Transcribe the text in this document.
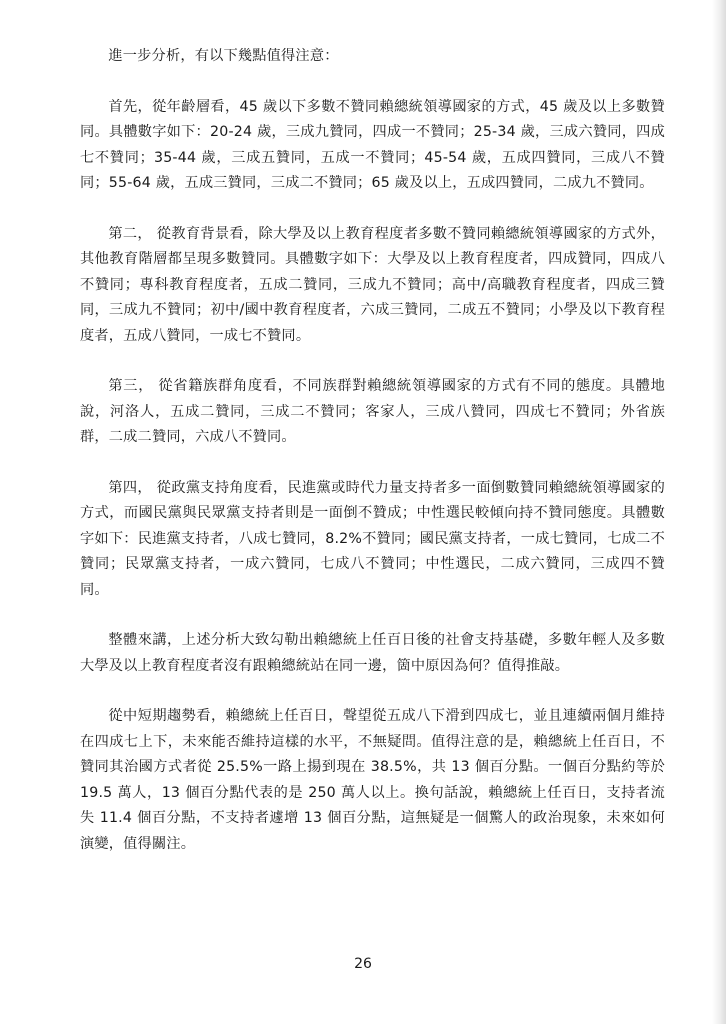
進一步分析，有以下幾點值得注意：

首先，從年齡層看，45 歲以下多數不贊同賴總統領導國家的方式，45 歲及以上多數贊同。具體數字如下：20-24 歲，三成九贊同，四成一不贊同；25-34 歲，三成六贊同，四成七不贊同；35-44 歲，三成五贊同，五成一不贊同；45-54 歲，五成四贊同，三成八不贊同；55-64 歲，五成三贊同，三成二不贊同；65 歲及以上，五成四贊同，二成九不贊同。

第二， 從教育背景看，除大學及以上教育程度者多數不贊同賴總統領導國家的方式外，其他教育階層都呈現多數贊同。具體數字如下：大學及以上教育程度者，四成贊同，四成八不贊同；專科教育程度者，五成二贊同，三成九不贊同；高中/高職教育程度者，四成三贊同，三成九不贊同；初中/國中教育程度者，六成三贊同，二成五不贊同；小學及以下教育程度者，五成八贊同，一成七不贊同。

第三， 從省籍族群角度看，不同族群對賴總統領導國家的方式有不同的態度。具體地說，河洛人，五成二贊同，三成二不贊同；客家人，三成八贊同，四成七不贊同；外省族群，二成二贊同，六成八不贊同。

第四， 從政黨支持角度看，民進黨或時代力量支持者多一面倒數贊同賴總統領導國家的方式，而國民黨與民眾黨支持者則是一面倒不贊成；中性選民較傾向持不贊同態度。具體數字如下：民進黨支持者，八成七贊同，8.2%不贊同；國民黨支持者，一成七贊同，七成二不贊同；民眾黨支持者，一成六贊同，七成八不贊同；中性選民，二成六贊同，三成四不贊同。

整體來講，上述分析大致勾勒出賴總統上任百日後的社會支持基礎，多數年輕人及多數大學及以上教育程度者沒有跟賴總統站在同一邊，箇中原因為何？值得推敲。

從中短期趨勢看，賴總統上任百日，聲望從五成八下滑到四成七，並且連續兩個月維持在四成七上下，未來能否維持這樣的水平，不無疑問。值得注意的是，賴總統上任百日，不贊同其治國方式者從 25.5%一路上揚到現在 38.5%，共 13 個百分點。一個百分點約等於 19.5 萬人，13 個百分點代表的是 250 萬人以上。換句話說，賴總統上任百日，支持者流失 11.4 個百分點，不支持者遽增 13 個百分點，這無疑是一個驚人的政治現象，未來如何演變，值得關注。

26
